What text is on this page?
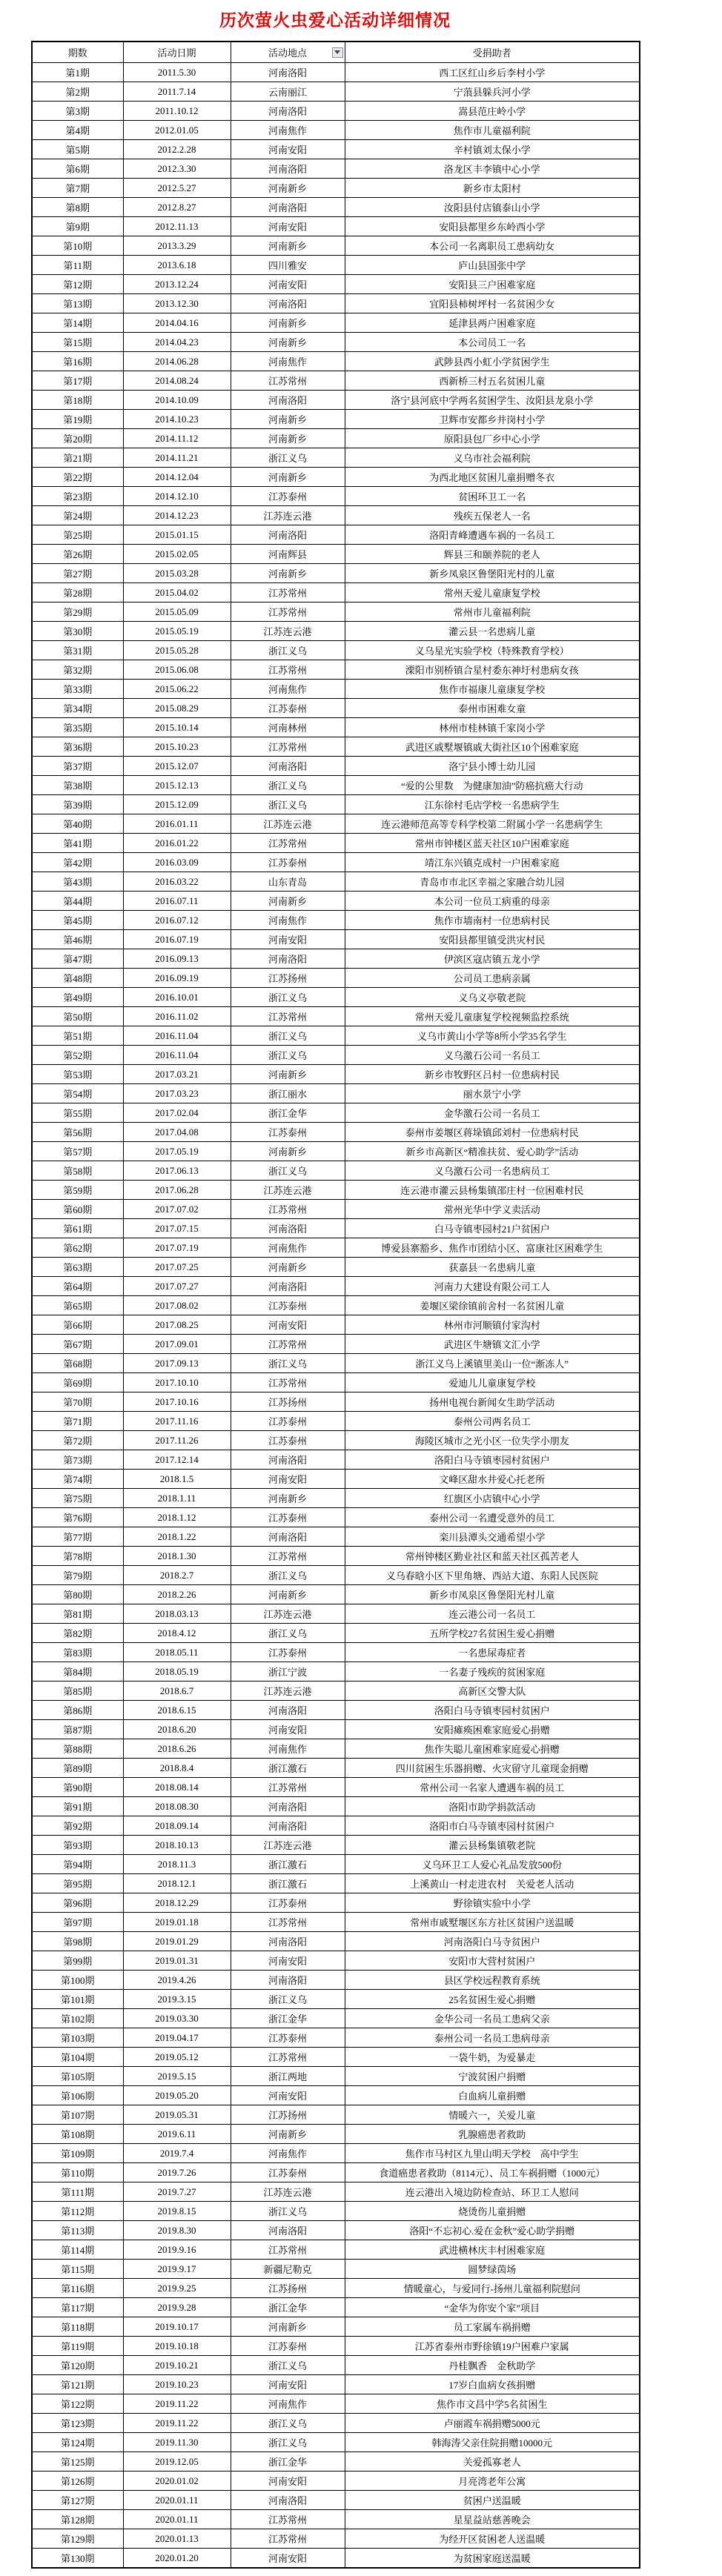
历次萤火虫爱心活动详细情况
期数	活动日期	活动地点	受捐助者
第1期	2011.5.30	河南洛阳	西工区红山乡后李村小学
第2期	2011.7.14	云南丽江	宁蒗县躲兵河小学
第3期	2011.10.12	河南洛阳	嵩县范庄岭小学
第4期	2012.01.05	河南焦作	焦作市儿童福利院
第5期	2012.2.28	河南安阳	辛村镇刘太保小学
第6期	2012.3.30	河南洛阳	洛龙区丰李镇中心小学
第7期	2012.5.27	河南新乡	新乡市太阳村
第8期	2012.8.27	河南洛阳	汝阳县付店镇泰山小学
第9期	2012.11.13	河南安阳	安阳县都里乡东岭西小学
第10期	2013.3.29	河南新乡	本公司一名离职员工患病幼女
第11期	2013.6.18	四川雅安	庐山县国张中学
第12期	2013.12.24	河南安阳	安阳县三户困难家庭
第13期	2013.12.30	河南洛阳	宜阳县柿树坪村一名贫困少女
第14期	2014.04.16	河南新乡	延津县两户困难家庭
第15期	2014.04.23	河南新乡	本公司员工一名
第16期	2014.06.28	河南焦作	武陟县西小虹小学贫困学生
第17期	2014.08.24	江苏常州	西新桥三村五名贫困儿童
第18期	2014.10.09	河南洛阳	洛宁县河底中学两名贫困学生、汝阳县龙泉小学
第19期	2014.10.23	河南新乡	卫辉市安都乡井岗村小学
第20期	2014.11.12	河南新乡	原阳县包厂乡中心小学
第21期	2014.11.21	浙江义乌	义乌市社会福利院
第22期	2014.12.04	河南新乡	为西北地区贫困儿童捐赠冬衣
第23期	2014.12.10	江苏泰州	贫困环卫工一名
第24期	2014.12.23	江苏连云港	残疾五保老人一名
第25期	2015.01.15	河南洛阳	洛阳青峰遭遇车祸的一名员工
第26期	2015.02.05	河南辉县	辉县三和颐养院的老人
第27期	2015.03.28	河南新乡	新乡凤泉区鲁堡阳光村的儿童
第28期	2015.04.02	江苏常州	常州天爱儿童康复学校
第29期	2015.05.09	江苏常州	常州市儿童福利院
第30期	2015.05.19	江苏连云港	灌云县一名患病儿童
第31期	2015.05.28	浙江义乌	义乌星光实验学校（特殊教育学校）
第32期	2015.06.08	江苏常州	溧阳市别桥镇合星村委东神圩村患病女孩
第33期	2015.06.22	河南焦作	焦作市福康儿童康复学校
第34期	2015.08.29	江苏泰州	泰州市困难女童
第35期	2015.10.14	河南林州	林州市桂林镇千家岗小学
第36期	2015.10.23	江苏常州	武进区戚墅堰镇戚大街社区10个困难家庭
第37期	2015.12.07	河南洛阳	洛宁县小博士幼儿园
第38期	2015.12.13	浙江义乌	“爱的公里数　为健康加油”防癌抗癌大行动
第39期	2015.12.09	浙江义乌	江东徐村毛店学校一名患病学生
第40期	2016.01.11	江苏连云港	连云港师范高等专科学校第二附属小学一名患病学生
第41期	2016.01.22	江苏常州	常州市钟楼区蓝天社区10户困难家庭
第42期	2016.03.09	江苏泰州	靖江东兴镇克成村一户困难家庭
第43期	2016.03.22	山东青岛	青岛市市北区幸福之家融合幼儿园
第44期	2016.07.11	河南新乡	本公司一位员工病重的母亲
第45期	2016.07.12	河南焦作	焦作市墙南村一位患病村民
第46期	2016.07.19	河南安阳	安阳县都里镇受洪灾村民
第47期	2016.09.13	河南洛阳	伊滨区寇店镇五龙小学
第48期	2016.09.19	江苏扬州	公司员工患病亲属
第49期	2016.10.01	浙江义乌	义乌义亭敬老院
第50期	2016.11.02	江苏常州	常州天爱儿童康复学校视频监控系统
第51期	2016.11.04	浙江义乌	义乌市黄山小学等8所小学35名学生
第52期	2016.11.04	浙江义乌	义乌激石公司一名员工
第53期	2017.03.21	河南新乡	新乡市牧野区吕村一位患病村民
第54期	2017.03.23	浙江丽水	丽水景宁小学
第55期	2017.02.04	浙江金华	金华激石公司一名员工
第56期	2017.04.08	江苏泰州	泰州市姜堰区蒋垛镇邱刘村一位患病村民
第57期	2017.05.19	河南新乡	新乡市高新区“精准扶贫、爱心助学”活动
第58期	2017.06.13	浙江义乌	义乌激石公司一名患病员工
第59期	2017.06.28	江苏连云港	连云港市灌云县杨集镇邵庄村一位困难村民
第60期	2017.07.02	江苏常州	常州光华中学义卖活动
第61期	2017.07.15	河南洛阳	白马寺镇枣园村21户贫困户
第62期	2017.07.19	河南焦作	博爱县寨豁乡、焦作市团结小区、富康社区困难学生
第63期	2017.07.25	河南新乡	获嘉县一名患病儿童
第64期	2017.07.27	河南洛阳	河南力大建设有限公司工人
第65期	2017.08.02	江苏泰州	姜堰区梁徐镇前舍村一名贫困儿童
第66期	2017.08.25	河南安阳	林州市河顺镇付家沟村
第67期	2017.09.01	江苏常州	武进区牛塘镇文汇小学
第68期	2017.09.13	浙江义乌	浙江义乌上溪镇里美山一位“渐冻人”
第69期	2017.10.10	江苏常州	爱迪儿儿童康复学校
第70期	2017.10.16	江苏扬州	扬州电视台新闻女生助学活动
第71期	2017.11.16	江苏泰州	泰州公司两名员工
第72期	2017.11.26	江苏泰州	海陵区城市之光小区一位失学小朋友
第73期	2017.12.14	河南洛阳	洛阳白马寺镇枣园村贫困户
第74期	2018.1.5	河南安阳	文峰区甜水井爱心托老所
第75期	2018.1.11	河南新乡	红旗区小店镇中心小学
第76期	2018.1.12	江苏泰州	泰州公司一名遭受意外的员工
第77期	2018.1.22	河南洛阳	栾川县潭头交通希望小学
第78期	2018.1.30	江苏常州	常州钟楼区勤业社区和蓝天社区孤苦老人
第79期	2018.2.7	浙江义乌	义乌春晗小区下里角塘、西站大道、东阳人民医院
第80期	2018.2.26	河南新乡	新乡市凤泉区鲁堡阳光村儿童
第81期	2018.03.13	江苏连云港	连云港公司一名员工
第82期	2018.4.12	浙江义乌	五所学校27名贫困生爱心捐赠
第83期	2018.05.11	江苏泰州	一名患尿毒症者
第84期	2018.05.19	浙江宁波	一名妻子残疾的贫困家庭
第85期	2018.6.7	江苏连云港	高新区交警大队
第86期	2018.6.15	河南洛阳	洛阳白马寺镇枣园村贫困户
第87期	2018.6.20	河南安阳	安阳瘫痪困难家庭爱心捐赠
第88期	2018.6.26	河南焦作	焦作失聪儿童困难家庭爱心捐赠
第89期	2018.8.4	浙江激石	四川贫困生乐器捐赠、火灾留守儿童现金捐赠
第90期	2018.08.14	江苏常州	常州公司一名家人遭遇车祸的员工
第91期	2018.08.30	河南洛阳	洛阳市助学捐款活动
第92期	2018.09.14	河南洛阳	洛阳市白马寺镇枣园村贫困户
第93期	2018.10.13	江苏连云港	灌云县杨集镇敬老院
第94期	2018.11.3	浙江激石	义乌环卫工人爱心礼品发放500份
第95期	2018.12.1	浙江激石	上溪黄山一村走进农村　关爱老人活动
第96期	2018.12.29	江苏泰州	野徐镇实验中小学
第97期	2019.01.18	江苏常州	常州市戚墅堰区东方社区贫困户送温暖
第98期	2019.01.29	河南洛阳	河南洛阳白马寺贫困户
第99期	2019.01.31	河南安阳	安阳市大营村贫困户
第100期	2019.4.26	河南洛阳	县区学校远程教育系统
第101期	2019.3.15	浙江义乌	25名贫困生爱心捐赠
第102期	2019.03.30	浙江金华	金华公司一名员工患病父亲
第103期	2019.04.17	江苏泰州	泰州公司一名员工患病母亲
第104期	2019.05.12	江苏常州	一袋牛奶，为爱暴走
第105期	2019.5.15	浙江两地	宁波贫困户捐赠
第106期	2019.05.20	河南安阳	白血病儿童捐赠
第107期	2019.05.31	江苏扬州	情暖六一，关爱儿童
第108期	2019.6.11	河南新乡	乳腺癌患者救助
第109期	2019.7.4	河南焦作	焦作市马村区九里山明天学校　高中学生
第110期	2019.7.26	江苏泰州	食道癌患者救助（8114元）、员工车祸捐赠（1000元）
第111期	2019.7.27	江苏连云港	连云港出入境边防检查站、环卫工人慰问
第112期	2019.8.15	浙江义乌	烧烫伤儿童捐赠
第113期	2019.8.30	河南洛阳	洛阳“不忘初心.爱在金秋”爱心助学捐赠
第114期	2019.9.16	江苏常州	武进横林庆丰村困难家庭
第115期	2019.9.17	新疆尼勒克	圆梦绿茵场
第116期	2019.9.25	江苏扬州	情暖童心，与爱同行-扬州儿童福利院慰问
第117期	2019.9.28	浙江金华	“金华为你安个家”项目
第118期	2019.10.17	河南新乡	员工家属车祸捐赠
第119期	2019.10.18	江苏泰州	江苏省泰州市野徐镇19户困难户家属
第120期	2019.10.21	浙江义乌	丹桂飘香　金秋助学
第121期	2019.10.23	河南安阳	17岁白血病女孩捐赠
第122期	2019.11.22	河南焦作	焦作市文昌中学5名贫困生
第123期	2019.11.22	浙江义乌	卢丽霞车祸捐赠5000元
第124期	2019.11.30	浙江义乌	韩海涛父亲住院捐赠10000元
第125期	2019.12.05	浙江金华	关爱孤寡老人
第126期	2020.01.02	河南安阳	月亮湾老年公寓
第127期	2020.01.11	河南洛阳	贫困户送温暖
第128期	2020.01.11	江苏常州	星星益站慈善晚会
第129期	2020.01.13	江苏常州	为经开区贫困老人送温暖
第130期	2020.01.20	河南安阳	为贫困家庭送温暖
